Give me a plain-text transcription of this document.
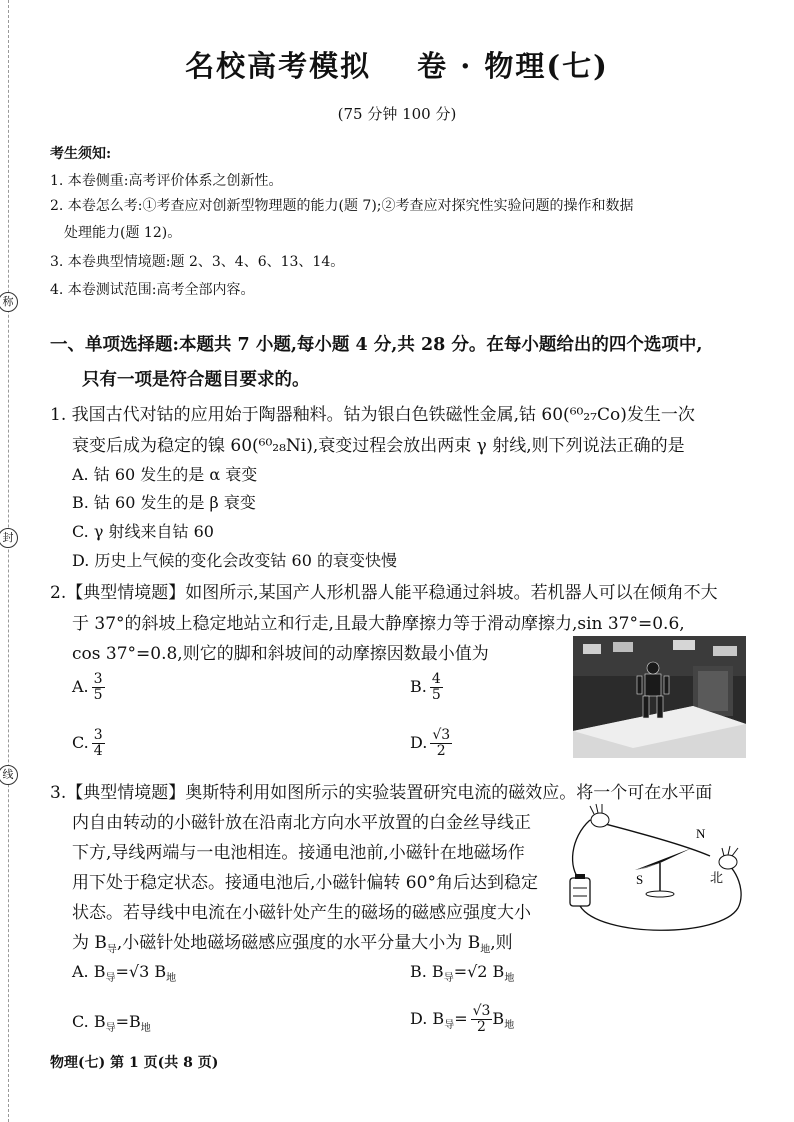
称
封
线
名校高考模拟 卷 · 物理(七)
(75 分钟 100 分)
考生须知:
1. 本卷侧重:高考评价体系之创新性。
2. 本卷怎么考:①考查应对创新型物理题的能力(题 7);②考查应对探究性实验问题的操作和数据
处理能力(题 12)。
3. 本卷典型情境题:题 2、3、4、6、13、14。
4. 本卷测试范围:高考全部内容。
一、单项选择题:本题共 7 小题,每小题 4 分,共 28 分。在每小题给出的四个选项中,
只有一项是符合题目要求的。
1. 我国古代对钴的应用始于陶器釉料。钴为银白色铁磁性金属,钴 60(⁶⁰₂₇Co)发生一次
衰变后成为稳定的镍 60(⁶⁰₂₈Ni),衰变过程会放出两束 γ 射线,则下列说法正确的是
A. 钴 60 发生的是 α 衰变
B. 钴 60 发生的是 β 衰变
C. γ 射线来自钴 60
D. 历史上气候的变化会改变钴 60 的衰变快慢
2.【典型情境题】如图所示,某国产人形机器人能平稳通过斜坡。若机器人可以在倾角不大
于 37°的斜坡上稳定地站立和行走,且最大静摩擦力等于滑动摩擦力,sin 37°=0.6,
cos 37°=0.8,则它的脚和斜坡间的动摩擦因数最小值为
A. $\frac{3}{5}$	B. $\frac{4}{5}$
C. $\frac{3}{4}$	D. $\frac{√3}{2}$
3.【典型情境题】奥斯特利用如图所示的实验装置研究电流的磁效应。将一个可在水平面
内自由转动的小磁针放在沿南北方向水平放置的白金丝导线正
下方,导线两端与一电池相连。接通电池前,小磁针在地磁场作
用下处于稳定状态。接通电池后,小磁针偏转 60°角后达到稳定
状态。若导线中电流在小磁针处产生的磁场的磁感应强度大小
为 $B_导$,小磁针处地磁场磁感应强度的水平分量大小为 $B_地$,则
N
S	北
A. $B_导=√3$ $B_地$	B. $B_导=√2$ $B_地$
C. $B_导=B_地$
D. $B_导= \frac{√3}{2} B_地$
物理(七) 第 1 页(共 8 页)
